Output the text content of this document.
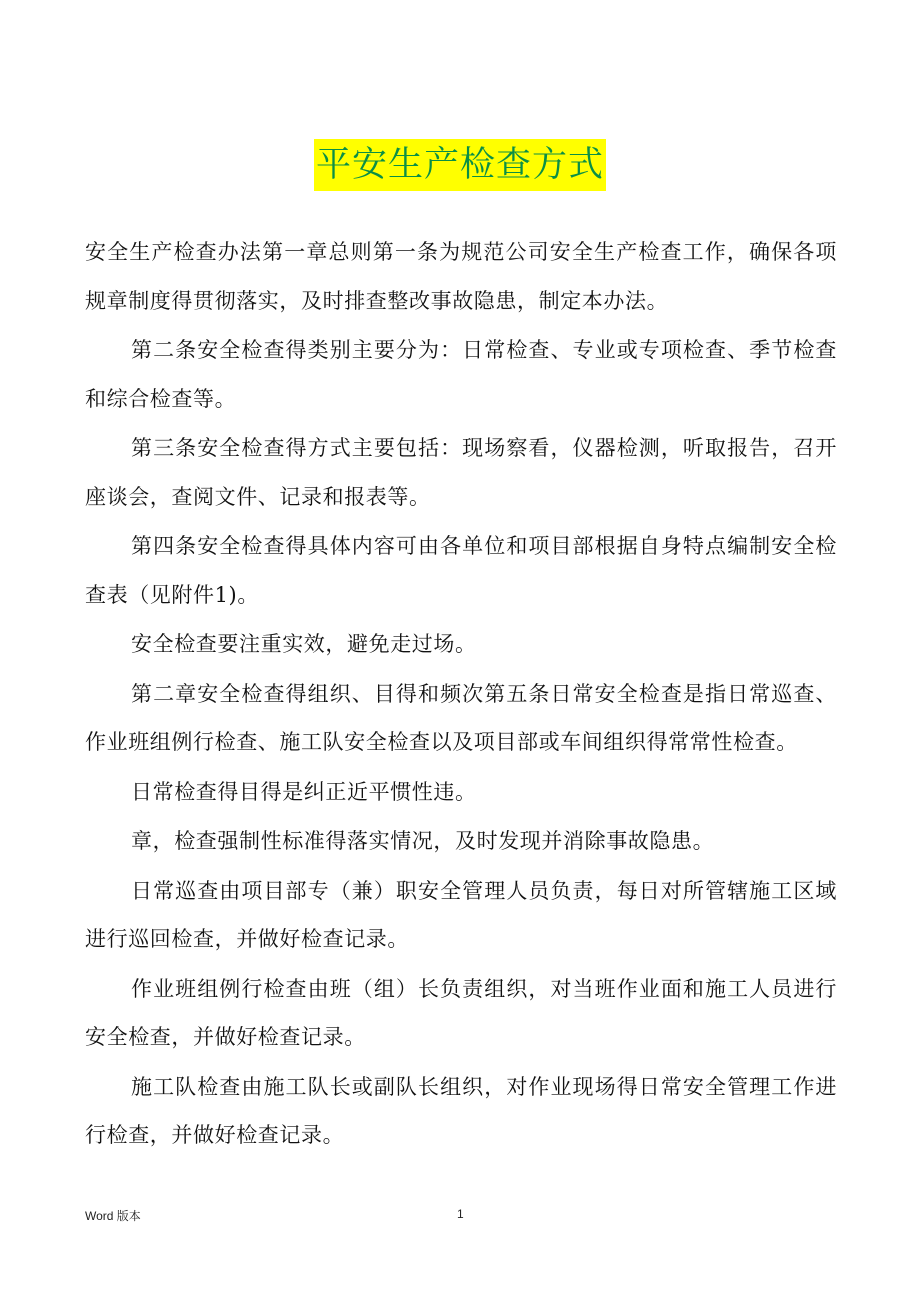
平安生产检查方式

安全生产检查办法第一章总则第一条为规范公司安全生产检查工作，确保各项规章制度得贯彻落实，及时排查整改事故隐患，制定本办法。

第二条安全检查得类别主要分为：日常检查、专业或专项检查、季节检查和综合检查等。

第三条安全检查得方式主要包括：现场察看，仪器检测，听取报告，召开座谈会，查阅文件、记录和报表等。

第四条安全检查得具体内容可由各单位和项目部根据自身特点编制安全检查表（见附件1)。

安全检查要注重实效，避免走过场。

第二章安全检查得组织、目得和频次第五条日常安全检查是指日常巡查、作业班组例行检查、施工队安全检查以及项目部或车间组织得常常性检查。

日常检查得目得是纠正近平惯性违。

章，检查强制性标准得落实情况，及时发现并消除事故隐患。

日常巡查由项目部专（兼）职安全管理人员负责，每日对所管辖施工区域进行巡回检查，并做好检查记录。

作业班组例行检查由班（组）长负责组织，对当班作业面和施工人员进行安全检查，并做好检查记录。

施工队检查由施工队长或副队长组织，对作业现场得日常安全管理工作进行检查，并做好检查记录。

Word 版本	1
